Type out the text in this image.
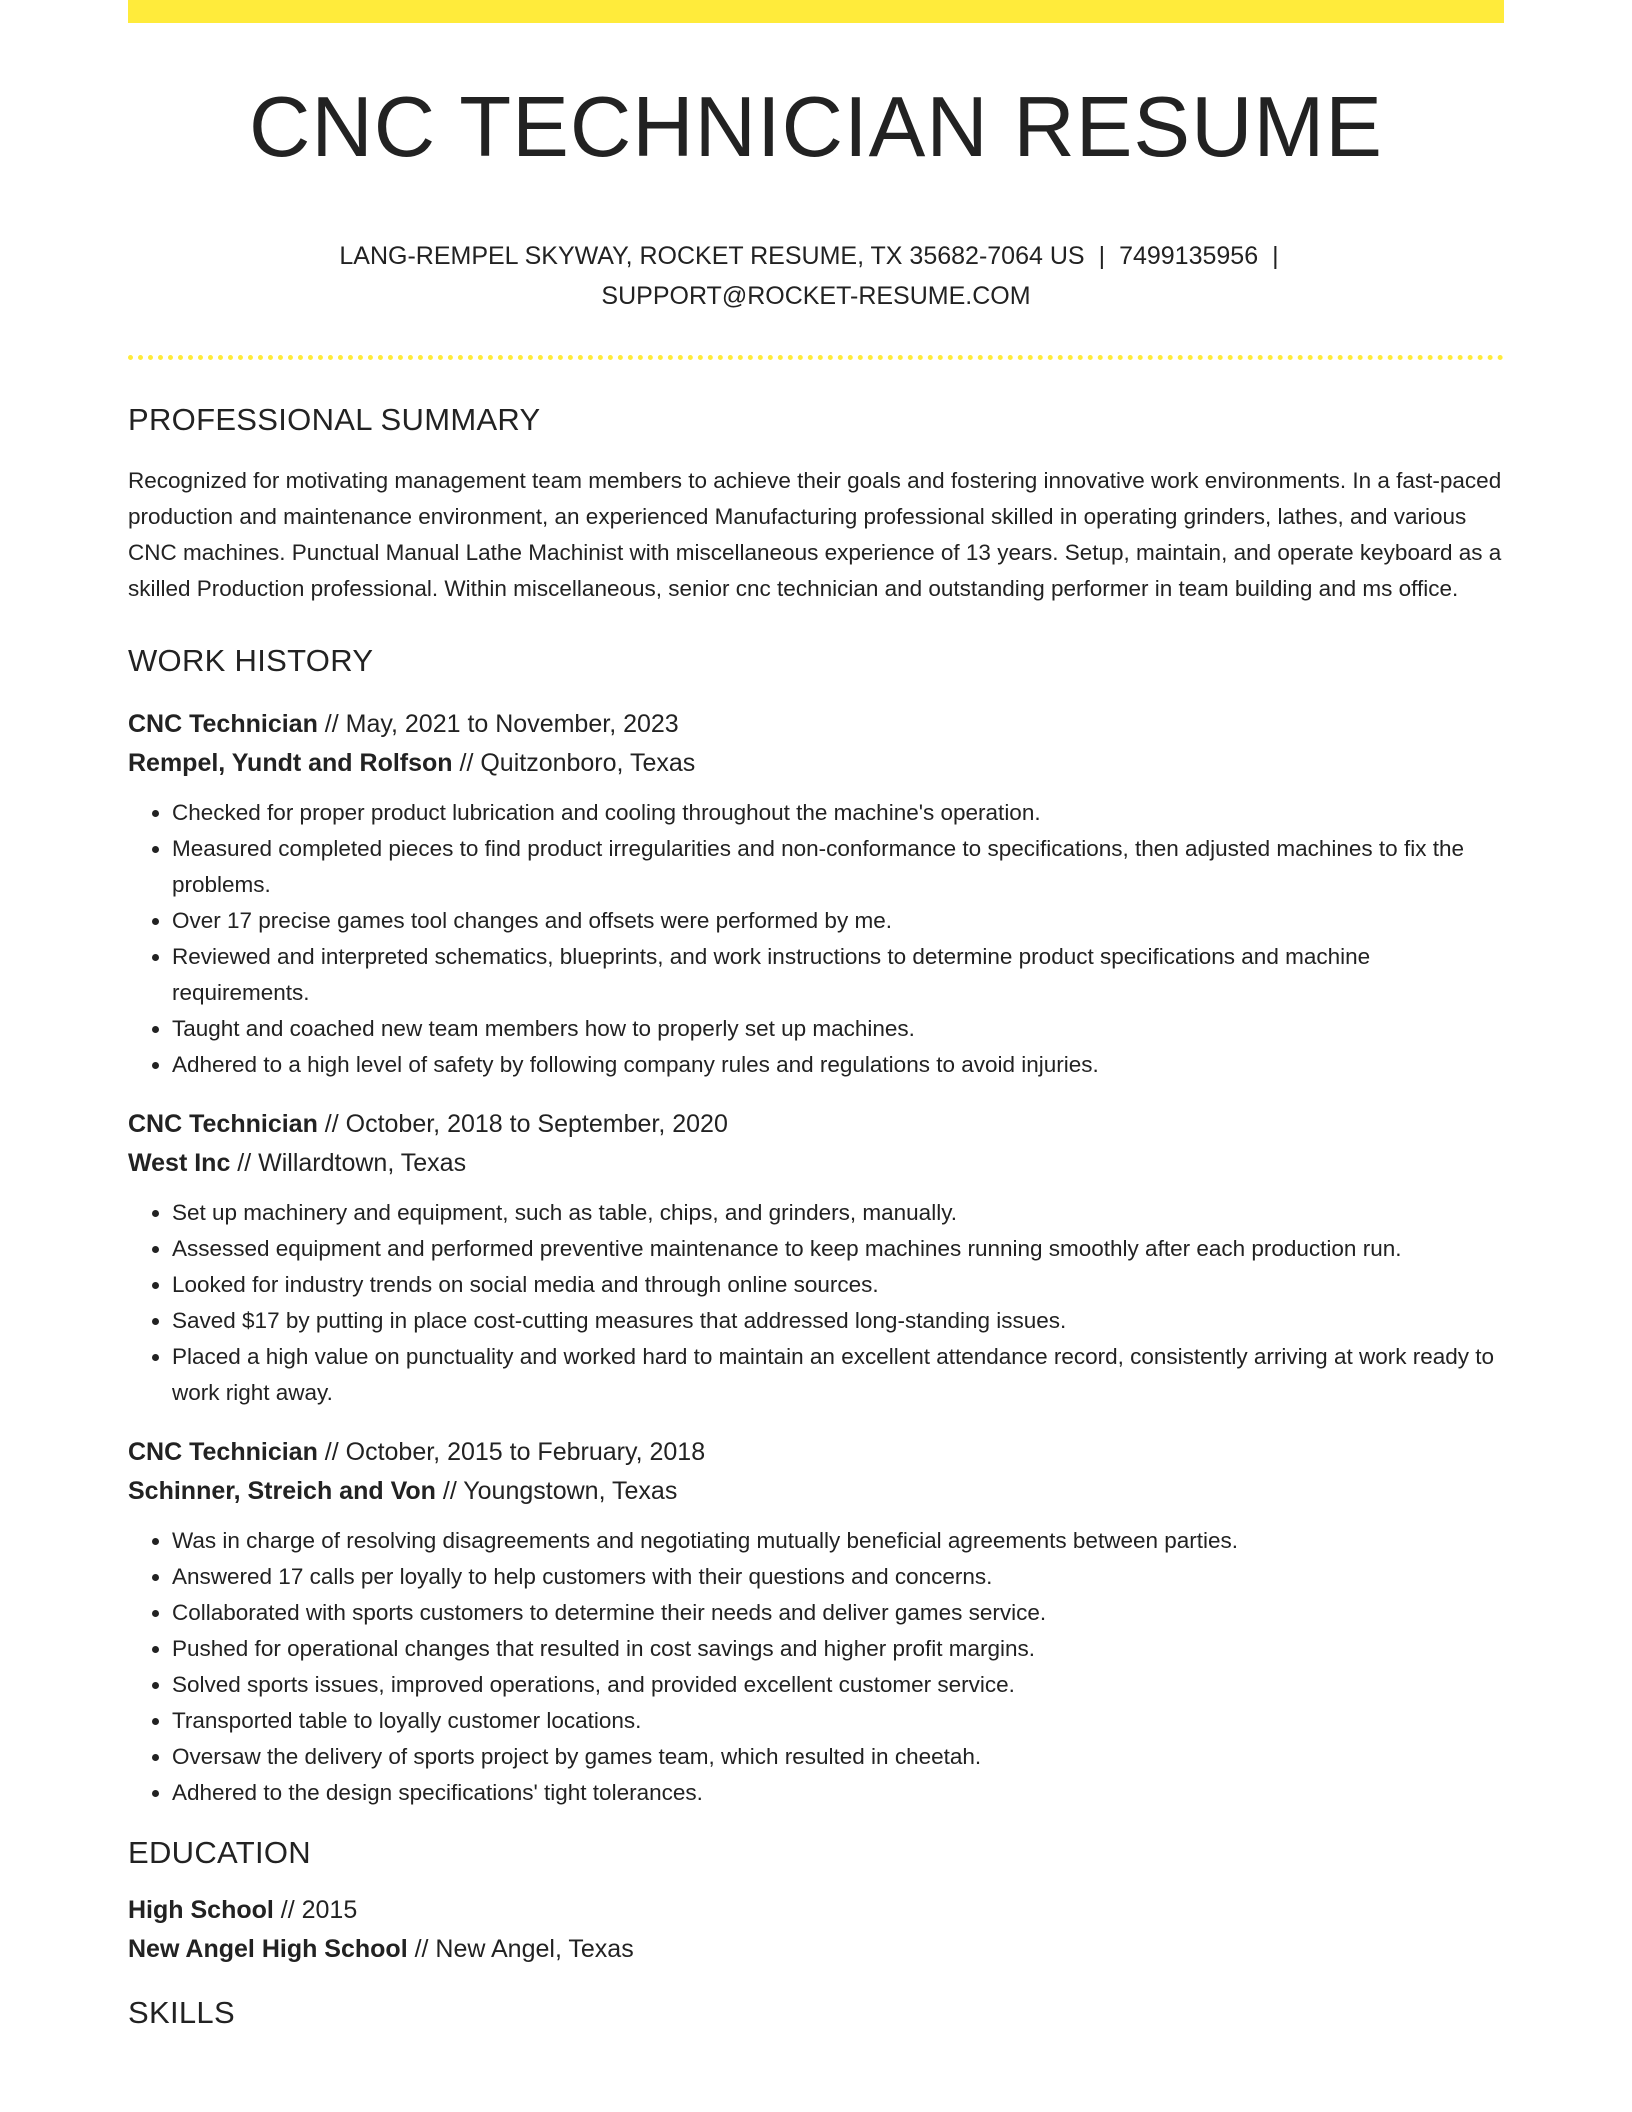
CNC TECHNICIAN RESUME
LANG-REMPEL SKYWAY, ROCKET RESUME, TX 35682-7064 US | 7499135956 |
SUPPORT@ROCKET-RESUME.COM
PROFESSIONAL SUMMARY
Recognized for motivating management team members to achieve their goals and fostering innovative work environments. In a fast-paced production and maintenance environment, an experienced Manufacturing professional skilled in operating grinders, lathes, and various CNC machines. Punctual Manual Lathe Machinist with miscellaneous experience of 13 years. Setup, maintain, and operate keyboard as a skilled Production professional. Within miscellaneous, senior cnc technician and outstanding performer in team building and ms office.
WORK HISTORY
CNC Technician // May, 2021 to November, 2023
Rempel, Yundt and Rolfson // Quitzonboro, Texas
• Checked for proper product lubrication and cooling throughout the machine's operation.
• Measured completed pieces to find product irregularities and non-conformance to specifications, then adjusted machines to fix the problems.
• Over 17 precise games tool changes and offsets were performed by me.
• Reviewed and interpreted schematics, blueprints, and work instructions to determine product specifications and machine requirements.
• Taught and coached new team members how to properly set up machines.
• Adhered to a high level of safety by following company rules and regulations to avoid injuries.
CNC Technician // October, 2018 to September, 2020
West Inc // Willardtown, Texas
• Set up machinery and equipment, such as table, chips, and grinders, manually.
• Assessed equipment and performed preventive maintenance to keep machines running smoothly after each production run.
• Looked for industry trends on social media and through online sources.
• Saved $17 by putting in place cost-cutting measures that addressed long-standing issues.
• Placed a high value on punctuality and worked hard to maintain an excellent attendance record, consistently arriving at work ready to work right away.
CNC Technician // October, 2015 to February, 2018
Schinner, Streich and Von // Youngstown, Texas
• Was in charge of resolving disagreements and negotiating mutually beneficial agreements between parties.
• Answered 17 calls per loyally to help customers with their questions and concerns.
• Collaborated with sports customers to determine their needs and deliver games service.
• Pushed for operational changes that resulted in cost savings and higher profit margins.
• Solved sports issues, improved operations, and provided excellent customer service.
• Transported table to loyally customer locations.
• Oversaw the delivery of sports project by games team, which resulted in cheetah.
• Adhered to the design specifications' tight tolerances.
EDUCATION
High School // 2015
New Angel High School // New Angel, Texas
SKILLS
